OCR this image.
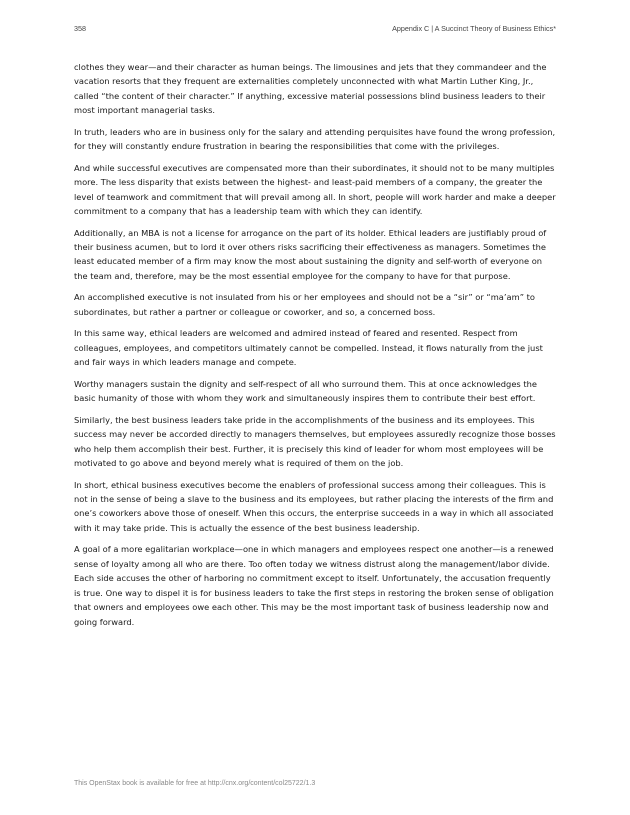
358	Appendix C | A Succinct Theory of Business Ethics*

clothes they wear—and their character as human beings. The limousines and jets that they commandeer and the vacation resorts that they frequent are externalities completely unconnected with what Martin Luther King, Jr., called “the content of their character.” If anything, excessive material possessions blind business leaders to their most important managerial tasks.

In truth, leaders who are in business only for the salary and attending perquisites have found the wrong profession, for they will constantly endure frustration in bearing the responsibilities that come with the privileges.

And while successful executives are compensated more than their subordinates, it should not to be many multiples more. The less disparity that exists between the highest- and least-paid members of a company, the greater the level of teamwork and commitment that will prevail among all. In short, people will work harder and make a deeper commitment to a company that has a leadership team with which they can identify.

Additionally, an MBA is not a license for arrogance on the part of its holder. Ethical leaders are justifiably proud of their business acumen, but to lord it over others risks sacrificing their effectiveness as managers. Sometimes the least educated member of a firm may know the most about sustaining the dignity and self-worth of everyone on the team and, therefore, may be the most essential employee for the company to have for that purpose.

An accomplished executive is not insulated from his or her employees and should not be a “sir” or “ma’am” to subordinates, but rather a partner or colleague or coworker, and so, a concerned boss.

In this same way, ethical leaders are welcomed and admired instead of feared and resented. Respect from colleagues, employees, and competitors ultimately cannot be compelled. Instead, it flows naturally from the just and fair ways in which leaders manage and compete.

Worthy managers sustain the dignity and self-respect of all who surround them. This at once acknowledges the basic humanity of those with whom they work and simultaneously inspires them to contribute their best effort.

Similarly, the best business leaders take pride in the accomplishments of the business and its employees. This success may never be accorded directly to managers themselves, but employees assuredly recognize those bosses who help them accomplish their best. Further, it is precisely this kind of leader for whom most employees will be motivated to go above and beyond merely what is required of them on the job.

In short, ethical business executives become the enablers of professional success among their colleagues. This is not in the sense of being a slave to the business and its employees, but rather placing the interests of the firm and one’s coworkers above those of oneself. When this occurs, the enterprise succeeds in a way in which all associated with it may take pride. This is actually the essence of the best business leadership.

A goal of a more egalitarian workplace—one in which managers and employees respect one another—is a renewed sense of loyalty among all who are there. Too often today we witness distrust along the management/labor divide. Each side accuses the other of harboring no commitment except to itself. Unfortunately, the accusation frequently is true. One way to dispel it is for business leaders to take the first steps in restoring the broken sense of obligation that owners and employees owe each other. This may be the most important task of business leadership now and going forward.

This OpenStax book is available for free at http://cnx.org/content/col25722/1.3
